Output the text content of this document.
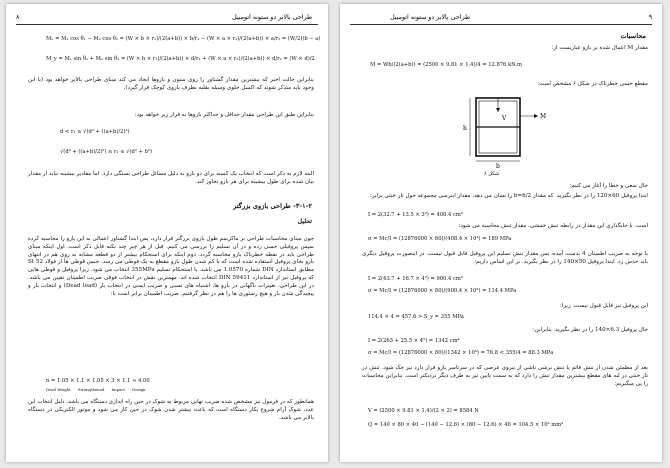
۸	طراحی بالابر دو ستونه اتومبیل
Mₓ = M₁ cos θ₁ − M₂ cos θ₂ = (W × b × r₁)/(2(a+b)) × b/r₁ − (W × a × r₂)/(2(a+b)) × a/r₂ = (W/2)(b − a)
M_y = M₁ sin θ₁ + M₂ sin θ₂ = (W × b × r₁)/(2(a+b)) × d/r₁ + (W × a × r₂)/(2(a+b)) × d/r₂ = (W × d)/2
بنابراین حالت اخیر که بیشترین مقدار گشتاور را روی ستون و بازوها ایجاد می کند مبنای طراحی بالابر خواهد بود (با این وجود باید متذکر شوند که اکسل جلوی وسیله نقلیه بطرف بازوی کوچک قرار گیرد).
بنابراین طبق این طراحی مقدار حداقل و حداکثر بازوها به قرار زیر خواهد بود:
d < r₁ ≤ √(d² + ((a+b)/2)²)
√(d² + ((a+b)/2)²) ≤ r₂ ≤ √(d² + b²)
البته لازم به ذکر است که انتخاب یک کمینه برای دو بازو به دلیل مسائل طراحی بستگی دارد. اما مقادیر بیشینه نباید از مقدار بیان شده برای طول بیشینه برای هر بازو تجاوز کند.
۳-۱-۲- طراحی بازوی بزرگتر
تحلیل
چون مبنای محاسبات طراحی بر ماکزیمم طول بازوی بزرگتر قرار دارد، پس ابتدا گشتاور اعمالی به این بازو را محاسبه کرده سپس پروفیلی حسی زده و در آن تسلیم را بررسی می کنیم. قبل از هر چیز چند نکته قابل ذکر است. اول اینکه مبنای طراحی باید در نقطه خطرناک بازو محاسبه گردد. دوم اینکه برای استحکام بیشتر از دو قطعه مشابه به روی هم در انتهای بازو بجای پروفیل استفاده شده است که با کم شدن طول بازو مقطع به یک قوطی می رسد. جنس قوطی ها از فولاد St 52 مطابق استاندارد DIN شماره 1.0570 می باشد. با استحکام تسلیم 355MPa انتخاب می شود. زیرا پروفیل و قوطی هایی که پروفیل نیز از استاندارد DIN 59411 انتخاب شده اند. مهمترین نقش در انتخاب فوقی ضریب اطمینان تعیین می باشد. در این طراحی، تغییرات ناگهانی در بازو ها، اشتباه های نسبی و ضریب ایمنی در انتخاب بار (Dead load) و انتخاب بار و پیچیدگی شدن بار و هیچ رستوری ها را هم در نظر گرفتیم. ضریب اطمینان برابر است با:
n = 1.05 × 1.1 × 1.05 × 3 × 1.1 ≈ 4.00
Dead Weight Strengthened Impact Design
همانطور که در فرمول نیز مشخص شده ضریب نهایی مربوط به شوک در حین راه اندازی دستگاه می باشد. دلیل انتخاب این عدد، شوک آرام شروع بکار دستگاه است که باعث بیشتر شدن شوک در حین کار می شود و موتور الکتریکی در دستگاه بالابر می باشد.
۹
طراحی بالابر دو ستونه اتومبیل
محاسبات
مقدار M اعمال شده بر بازو عبارتست از:
M = Wb/(2(a+b)) = (2500 × 9.81 × 1.4)/4 = 12.876 kN.m
مقطع حسی خطرناک در شکل ۶ مشخص است:
V	M
h
b
شکل ۶
حال سعی و خطا را آغاز می کنیم:
ابتدا پروفیل 60×120 را در نظر بگیرید. که مقدار b=h/2 را نشان می دهد. مقدار اینرسی مجموعه حول تار خنثی برابر:
I = 2(32.7 + 13.5 × 3²) = 408.4 cm⁴
است. با جایگذاری این مقدار در رابطه تنش خمشی، مقدار تنش محاسبه می شود:
σ = Mc/I = (12876000 × 60)/(408.4 × 10⁴) = 189 MPa
با توجه به ضریب اطمینان 4 بدست آمده، پس مقدار تنش تسلیم این پروفیل قابل قبول نیست. در اینصورت پروفیل دیگری باید حدس زد. ابتدا پروفیل 50×140 را در نظر بگیرید. بر این اساس داریم:
I = 2(43.7 + 16.7 × 4²) = 900.4 cm⁴
σ = Mc/I = (12876000 × 80)/(900.4 × 10⁴) = 114.4 MPa
این پروفیل نیز قابل قبول نیست. زیرا:
114.4 × 4 = 457.6 > S_y = 355 MPa
حال پروفیل 6.3×140 را در نظر بگیرید. بنابراین:
I = 2(263 + 25.5 × 4²) = 1342 cm⁴
σ = Mc/I = (12876000 × 80)/(1342 × 10⁴) = 76.8 < 355/4 = 88.3 MPa
بعد از مطمئن شدن از تنش قائم یا تنش برشی ناشی از نیروی عرضی که در سرتاسر بازو قرار دارد نیز چک شود. تنش در تار خنثی در لبه های مقطع بیشترین مقدار تنش را دارد که به سمت پایین نیز به طرف دیگر نزدیکتر است. بنابراین محاسبات را پی میگیریم:
V = (2500 × 9.81 × 1.4)/(2 × 2) = 8584 N
Q = 140 × 80 × 40 − (140 − 12.6) × (80 − 12.6) × 40 = 104.5 × 10³ mm³
